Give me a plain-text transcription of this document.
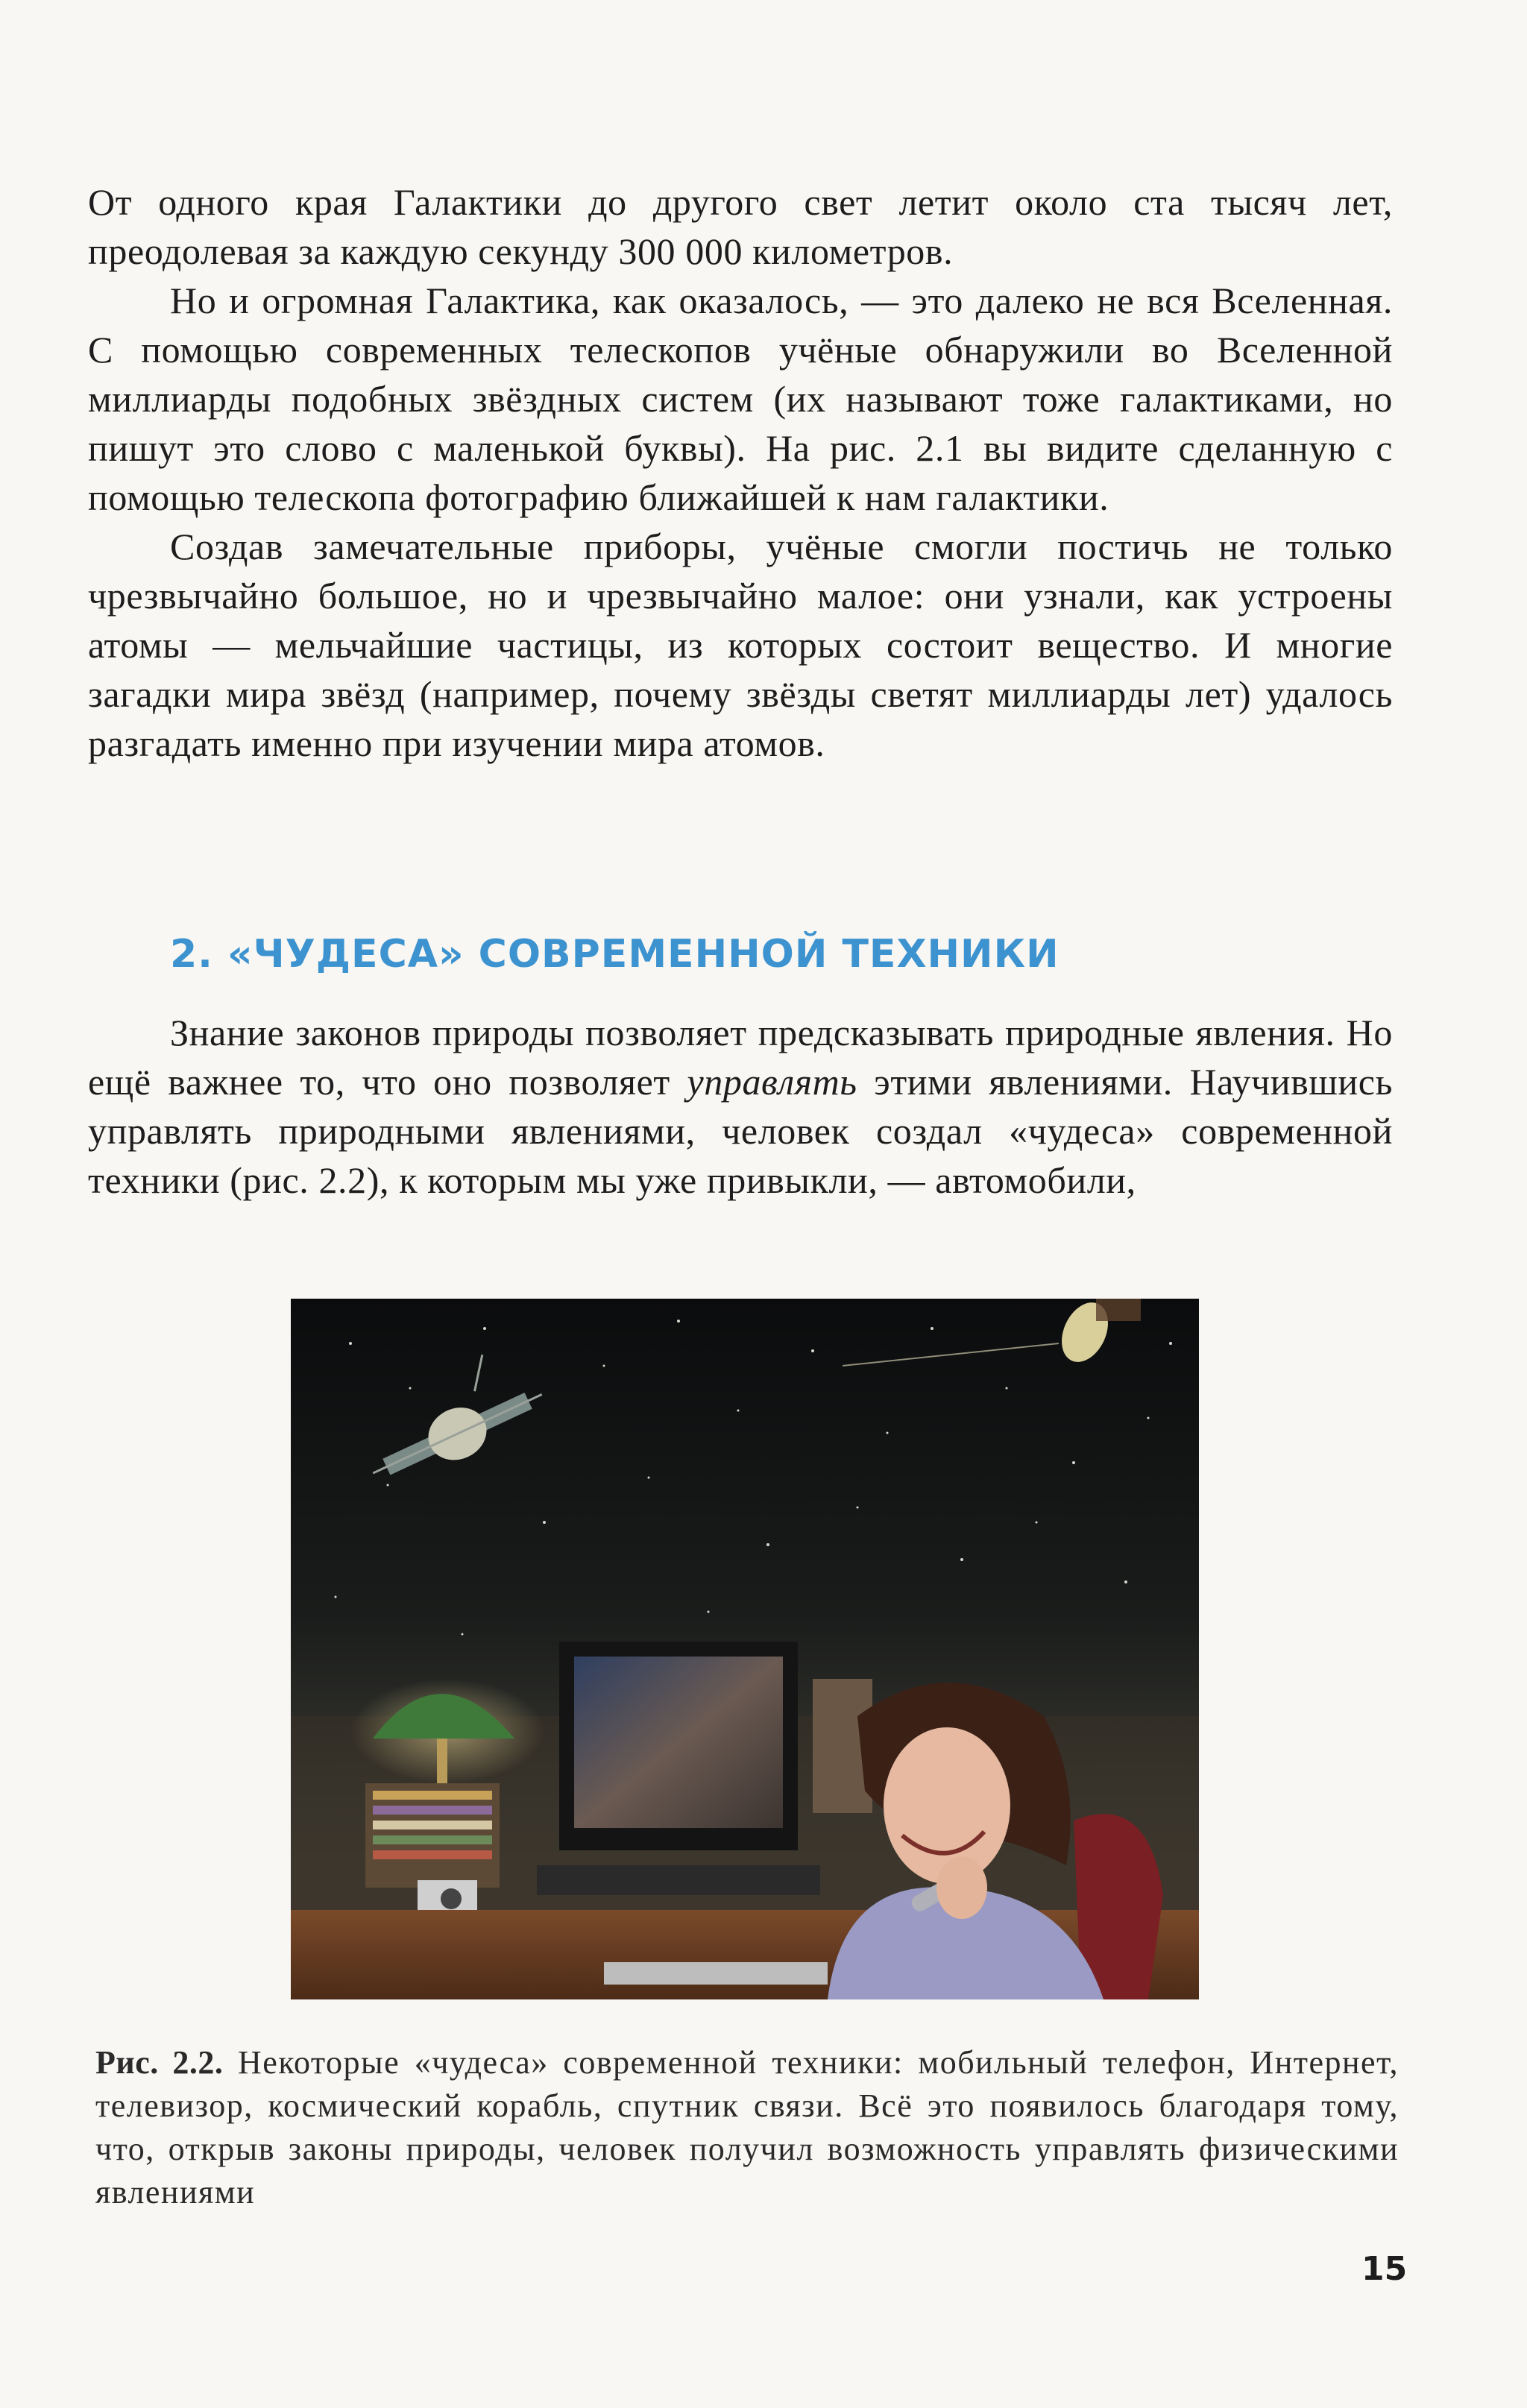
От одного края Галактики до другого свет летит около ста тысяч лет, преодолевая за каждую секунду 300 000 километров.

Но и огромная Галактика, как оказалось, — это далеко не вся Вселенная. С помощью современных телескопов учёные обнаружили во Вселенной миллиарды подобных звёздных систем (их называют тоже галактиками, но пишут это слово с маленькой буквы). На рис. 2.1 вы видите сделанную с помощью телескопа фотографию ближайшей к нам галактики.

Создав замечательные приборы, учёные смогли постичь не только чрезвычайно большое, но и чрезвычайно малое: они узнали, как устроены атомы — мельчайшие частицы, из которых состоит вещество. И многие загадки мира звёзд (например, почему звёзды светят миллиарды лет) удалось разгадать именно при изучении мира атомов.

2. «ЧУДЕСА» СОВРЕМЕННОЙ ТЕХНИКИ

Знание законов природы позволяет предсказывать природные явления. Но ещё важнее то, что оно позволяет управлять этими явлениями. Научившись управлять природными явлениями, человек создал «чудеса» современной техники (рис. 2.2), к которым мы уже привыкли, — автомобили,

Рис. 2.2. Некоторые «чудеса» современной техники: мобильный телефон, Интернет, телевизор, космический корабль, спутник связи. Всё это появилось благодаря тому, что, открыв законы природы, человек получил возможность управлять физическими явлениями
15
